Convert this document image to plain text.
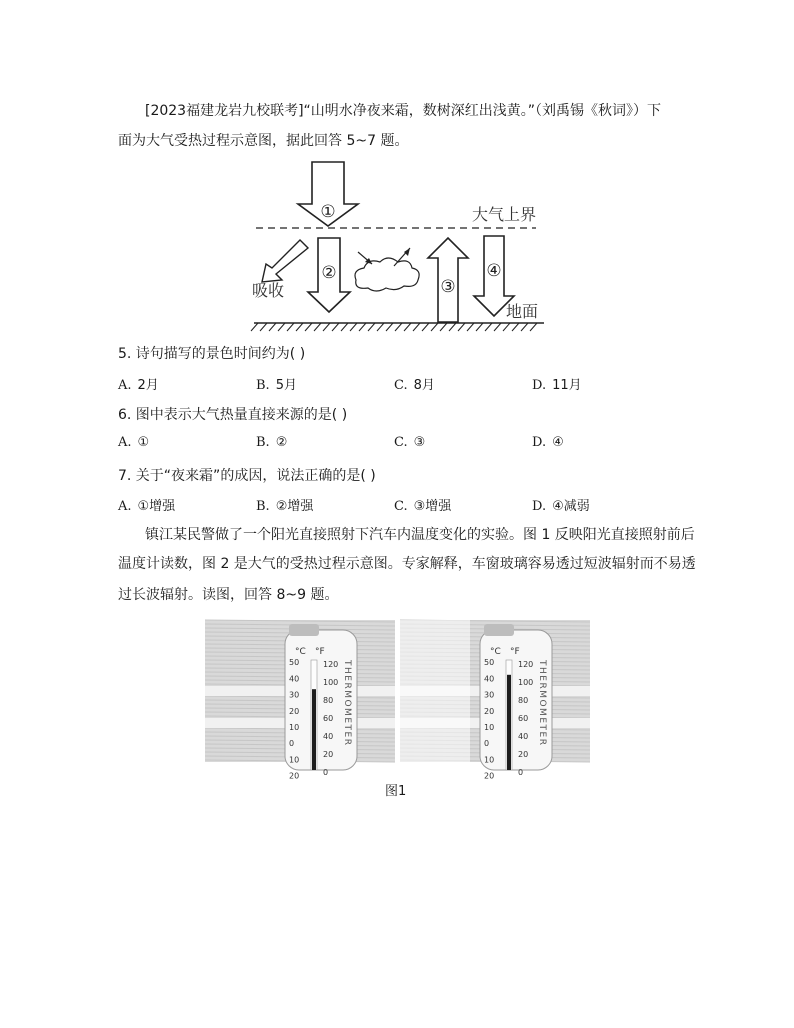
[2023福建龙岩九校联考]“山明水净夜来霜，数树深红出浅黄。”（刘禹锡《秋词》）下
面为大气受热过程示意图，据此回答 5~7 题。
①	大气上界
吸收
②
③
④
地面
5. 诗句描写的景色时间约为( )
A. 2月	B. 5月	C. 8月	D. 11月
6. 图中表示大气热量直接来源的是( )
A. ①	B. ②	C. ③	D. ④
7. 关于“夜来霜”的成因，说法正确的是( )
A. ①增强	B. ②增强	C. ③增强	D. ④减弱
镇江某民警做了一个阳光直接照射下汽车内温度变化的实验。图 1 反映阳光直接照射前后
温度计读数，图 2 是大气的受热过程示意图。专家解释，车窗玻璃容易透过短波辐射而不易透
过长波辐射。读图，回答 8~9 题。
°C °F
120
100
80
60
40
20
0
50
40
30
20
10
0
10
20
THERMOMETER
°C °F
120
100
80
60
40
20
0
50
40
30
20
10
0
10
20
THERMOMETER
图1
